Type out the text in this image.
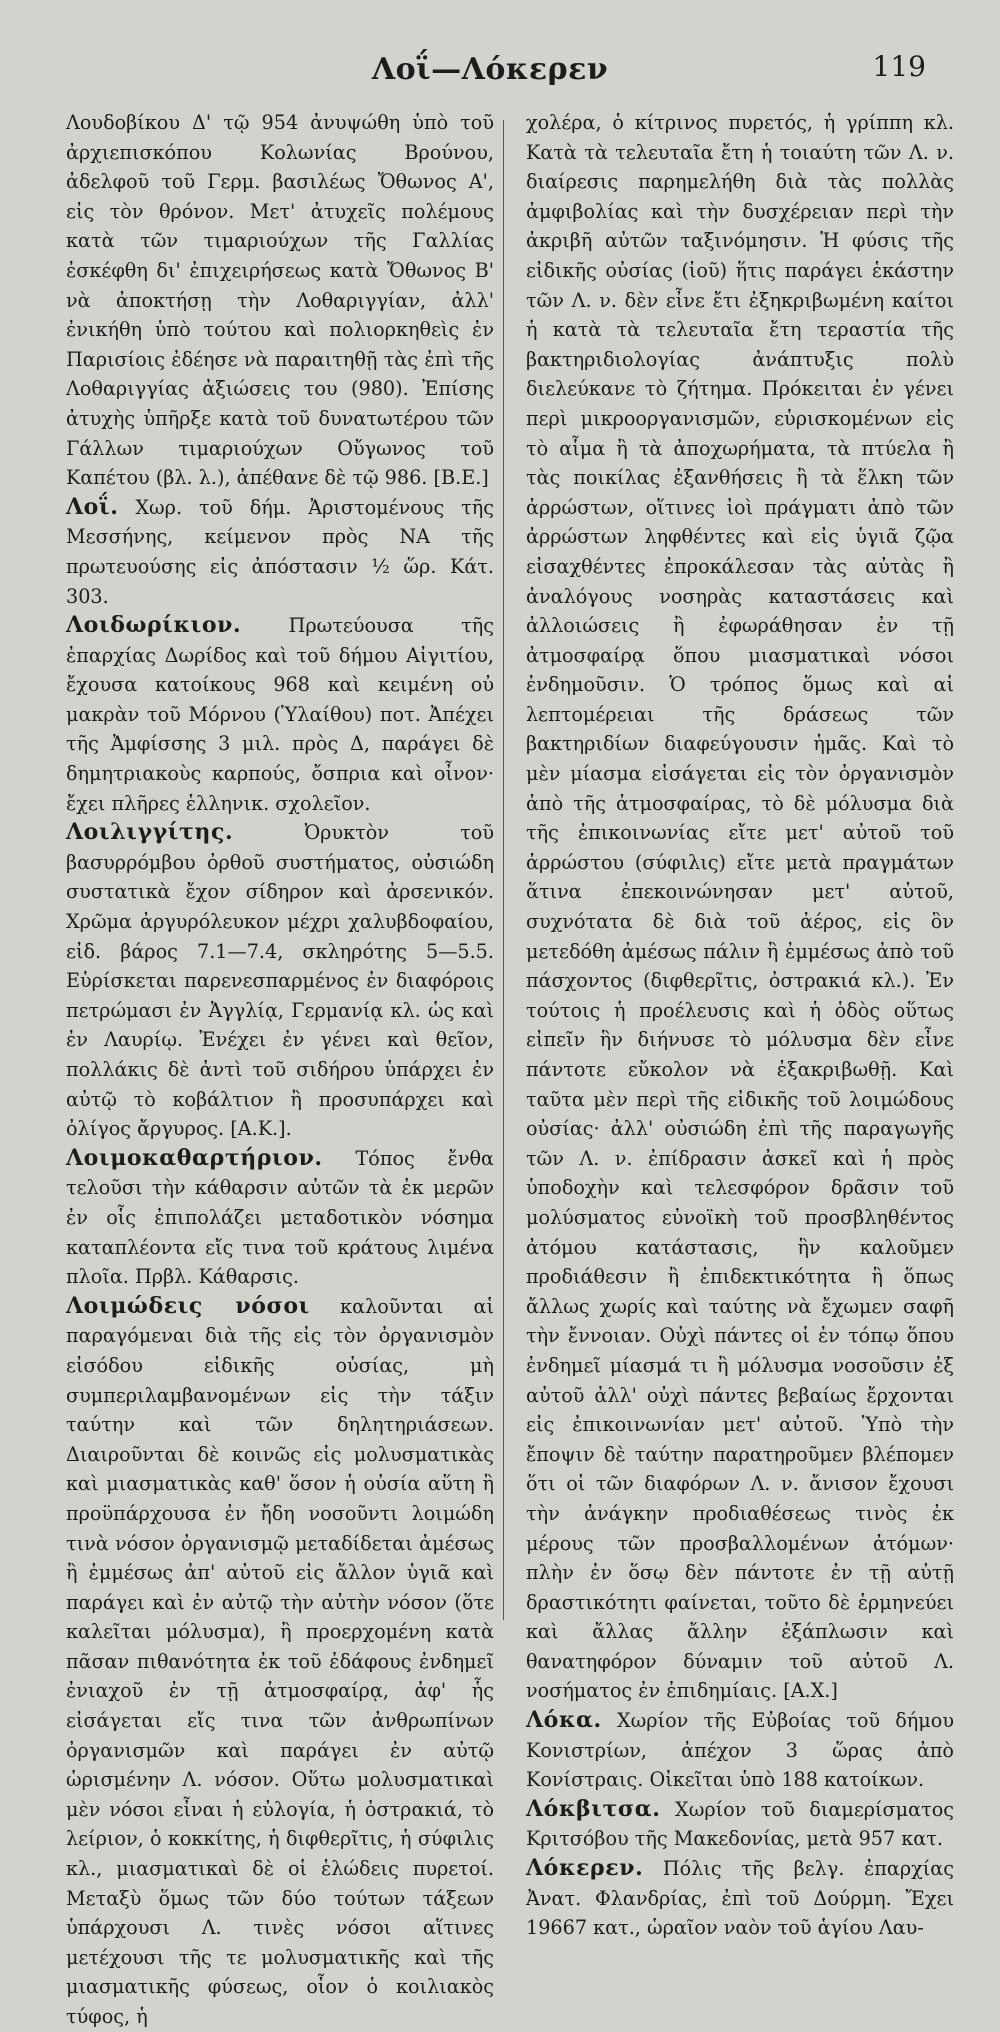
Λοΐ—Λόκερεν	119

Λουδοβίκου Δ' τῷ 954 ἀνυψώθη ὑπὸ τοῦ ἀρχιεπισκόπου Κολωνίας Βρούνου, ἀδελφοῦ τοῦ Γερμ. βασιλέως Ὄθωνος Α', εἰς τὸν θρόνον. Μετ' ἀτυχεῖς πολέμους κατὰ τῶν τιμαριούχων τῆς Γαλλίας ἐσκέφθη δι' ἐπιχειρήσεως κατὰ Ὄθωνος Β' νὰ ἀποκτήσῃ τὴν Λοθαριγγίαν, ἀλλ' ἐνικήθη ὑπὸ τούτου καὶ πολιορκηθεὶς ἐν Παρισίοις ἐδέησε νὰ παραιτηθῇ τὰς ἐπὶ τῆς Λοθαριγγίας ἀξιώσεις του (980). Ἐπίσης ἀτυχὴς ὑπῆρξε κατὰ τοῦ δυνατωτέρου τῶν Γάλλων τιμαριούχων Οὔγωνος τοῦ Καπέτου (βλ. λ.), ἀπέθανε δὲ τῷ 986. [Β.Ε.]

Λοΐ. Χωρ. τοῦ δήμ. Ἀριστομένους τῆς Μεσσήνης, κείμενον πρὸς ΝΑ τῆς πρωτευούσης εἰς ἀπόστασιν ½ ὥρ. Κάτ. 303.

Λοιδωρίκιον. Πρωτεύουσα τῆς ἐπαρχίας Δωρίδος καὶ τοῦ δήμου Αἰγιτίου, ἔχουσα κατοίκους 968 καὶ κειμένη οὐ μακρὰν τοῦ Μόρνου (Ὑλαίθου) ποτ. Ἀπέχει τῆς Ἀμφίσσης 3 μιλ. πρὸς Δ, παράγει δὲ δημητριακοὺς καρπούς, ὄσπρια καὶ οἶνον· ἔχει πλῆρες ἑλληνικ. σχολεῖον.

Λοιλιγγίτης. Ὀρυκτὸν τοῦ βασυρρόμβου ὀρθοῦ συστήματος, οὐσιώδη συστατικὰ ἔχον σίδηρον καὶ ἀρσενικόν. Χρῶμα ἀργυρόλευκον μέχρι χαλυβδοφαίου, εἰδ. βάρος 7.1—7.4, σκληρότης 5—5.5. Εὑρίσκεται παρενεσπαρμένος ἐν διαφόροις πετρώμασι ἐν Ἀγγλίᾳ, Γερμανίᾳ κλ. ὡς καὶ ἐν Λαυρίῳ. Ἐνέχει ἐν γένει καὶ θεῖον, πολλάκις δὲ ἀντὶ τοῦ σιδήρου ὑπάρχει ἐν αὐτῷ τὸ κοβάλτιον ἢ προσυπάρχει καὶ ὀλίγος ἄργυρος. [Α.Κ.].

Λοιμοκαθαρτήριον. Τόπος ἔνθα τελοῦσι τὴν κάθαρσιν αὐτῶν τὰ ἐκ μερῶν ἐν οἷς ἐπιπολάζει μεταδοτικὸν νόσημα καταπλέοντα εἴς τινα τοῦ κράτους λιμένα πλοῖα. Πρβλ. Κάθαρσις.

Λοιμώδεις νόσοι καλοῦνται αἱ παραγόμεναι διὰ τῆς εἰς τὸν ὀργανισμὸν εἰσόδου εἰδικῆς οὐσίας, μὴ συμπεριλαμβανομένων εἰς τὴν τάξιν ταύτην καὶ τῶν δηλητηριάσεων. Διαιροῦνται δὲ κοινῶς εἰς μολυσματικὰς καὶ μιασματικὰς καθ' ὅσον ἡ οὐσία αὕτη ἢ προϋπάρχουσα ἐν ἤδη νοσοῦντι λοιμώδη τινὰ νόσον ὀργανισμῷ μεταδίδεται ἀμέσως ἢ ἐμμέσως ἀπ' αὐτοῦ εἰς ἄλλον ὑγιᾶ καὶ παράγει καὶ ἐν αὐτῷ τὴν αὐτὴν νόσον (ὅτε καλεῖται μόλυσμα), ἢ προερχομένη κατὰ πᾶσαν πιθανότητα ἐκ τοῦ ἐδάφους ἐνδημεῖ ἐνιαχοῦ ἐν τῇ ἀτμοσφαίρᾳ, ἀφ' ἧς εἰσάγεται εἴς τινα τῶν ἀνθρωπίνων ὀργανισμῶν καὶ παράγει ἐν αὐτῷ ὡρισμένην Λ. νόσον. Οὕτω μολυσματικαὶ μὲν νόσοι εἶναι ἡ εὐλογία, ἡ ὀστρακιά, τὸ λείριον, ὁ κοκκίτης, ἡ διφθερῖτις, ἡ σύφιλις κλ., μιασματικαὶ δὲ οἱ ἑλώδεις πυρετοί. Μεταξὺ ὅμως τῶν δύο τούτων τάξεων ὑπάρχουσι Λ. τινὲς νόσοι αἵτινες μετέχουσι τῆς τε μολυσματικῆς καὶ τῆς μιασματικῆς φύσεως, οἷον ὁ κοιλιακὸς τύφος, ἡ

χολέρα, ὁ κίτρινος πυρετός, ἡ γρίππη κλ. Κατὰ τὰ τελευταῖα ἔτη ἡ τοιαύτη τῶν Λ. ν. διαίρεσις παρημελήθη διὰ τὰς πολλὰς ἀμφιβολίας καὶ τὴν δυσχέρειαν περὶ τὴν ἀκριβῆ αὐτῶν ταξινόμησιν. Ἡ φύσις τῆς εἰδικῆς οὐσίας (ἰοῦ) ἥτις παράγει ἑκάστην τῶν Λ. ν. δὲν εἶνε ἔτι ἐξηκριβωμένη καίτοι ἡ κατὰ τὰ τελευταῖα ἔτη τεραστία τῆς βακτηριδιολογίας ἀνάπτυξις πολὺ διελεύκανε τὸ ζήτημα. Πρόκειται ἐν γένει περὶ μικροοργανισμῶν, εὑρισκομένων εἰς τὸ αἷμα ἢ τὰ ἀποχωρήματα, τὰ πτύελα ἢ τὰς ποικίλας ἐξανθήσεις ἢ τὰ ἕλκη τῶν ἀρρώστων, οἵτινες ἰοὶ πράγματι ἀπὸ τῶν ἀρρώστων ληφθέντες καὶ εἰς ὑγιᾶ ζῷα εἰσαχθέντες ἐπροκάλεσαν τὰς αὐτὰς ἢ ἀναλόγους νοσηρὰς καταστάσεις καὶ ἀλλοιώσεις ἢ ἐφωράθησαν ἐν τῇ ἀτμοσφαίρᾳ ὅπου μιασματικαὶ νόσοι ἐνδημοῦσιν. Ὁ τρόπος ὅμως καὶ αἱ λεπτομέρειαι τῆς δράσεως τῶν βακτηριδίων διαφεύγουσιν ἡμᾶς. Καὶ τὸ μὲν μίασμα εἰσάγεται εἰς τὸν ὀργανισμὸν ἀπὸ τῆς ἀτμοσφαίρας, τὸ δὲ μόλυσμα διὰ τῆς ἐπικοινωνίας εἴτε μετ' αὐτοῦ τοῦ ἀρρώστου (σύφιλις) εἴτε μετὰ πραγμάτων ἅτινα ἐπεκοινώνησαν μετ' αὐτοῦ, συχνότατα δὲ διὰ τοῦ ἀέρος, εἰς ὃν μετεδόθη ἀμέσως πάλιν ἢ ἐμμέσως ἀπὸ τοῦ πάσχοντος (διφθερῖτις, ὀστρακιά κλ.). Ἐν τούτοις ἡ προέλευσις καὶ ἡ ὁδὸς οὕτως εἰπεῖν ἣν διήνυσε τὸ μόλυσμα δὲν εἶνε πάντοτε εὔκολον νὰ ἐξακριβωθῇ. Καὶ ταῦτα μὲν περὶ τῆς εἰδικῆς τοῦ λοιμώδους οὐσίας· ἀλλ' οὐσιώδη ἐπὶ τῆς παραγωγῆς τῶν Λ. ν. ἐπίδρασιν ἀσκεῖ καὶ ἡ πρὸς ὑποδοχὴν καὶ τελεσφόρον δρᾶσιν τοῦ μολύσματος εὐνοϊκὴ τοῦ προσβληθέντος ἀτόμου κατάστασις, ἣν καλοῦμεν προδιάθεσιν ἢ ἐπιδεκτικότητα ἢ ὅπως ἄλλως χωρίς καὶ ταύτης νὰ ἔχωμεν σαφῆ τὴν ἔννοιαν. Οὐχὶ πάντες οἱ ἐν τόπῳ ὅπου ἐνδημεῖ μίασμά τι ἢ μόλυσμα νοσοῦσιν ἐξ αὐτοῦ ἀλλ' οὐχὶ πάντες βεβαίως ἔρχονται εἰς ἐπικοινωνίαν μετ' αὐτοῦ. Ὑπὸ τὴν ἔποψιν δὲ ταύτην παρατηροῦμεν βλέπομεν ὅτι οἱ τῶν διαφόρων Λ. ν. ἄνισον ἔχουσι τὴν ἀνάγκην προδιαθέσεως τινὸς ἐκ μέρους τῶν προσβαλλομένων ἀτόμων· πλὴν ἐν ὅσῳ δὲν πάντοτε ἐν τῇ αὐτῇ δραστικότητι φαίνεται, τοῦτο δὲ ἑρμηνεύει καὶ ἄλλας ἄλλην ἐξάπλωσιν καὶ θανατηφόρον δύναμιν τοῦ αὐτοῦ Λ. νοσήματος ἐν ἐπιδημίαις. [Α.Χ.]

Λόκα. Χωρίον τῆς Εὐβοίας τοῦ δήμου Κονιστρίων, ἀπέχον 3 ὥρας ἀπὸ Κονίστραις. Οἰκεῖται ὑπὸ 188 κατοίκων.

Λόκβιτσα. Χωρίον τοῦ διαμερίσματος Κριτσόβου τῆς Μακεδονίας, μετὰ 957 κατ.

Λόκερεν. Πόλις τῆς βελγ. ἐπαρχίας Ἀνατ. Φλανδρίας, ἐπὶ τοῦ Δούρμη. Ἔχει 19667 κατ., ὡραῖον ναὸν τοῦ ἁγίου Λαυ-
